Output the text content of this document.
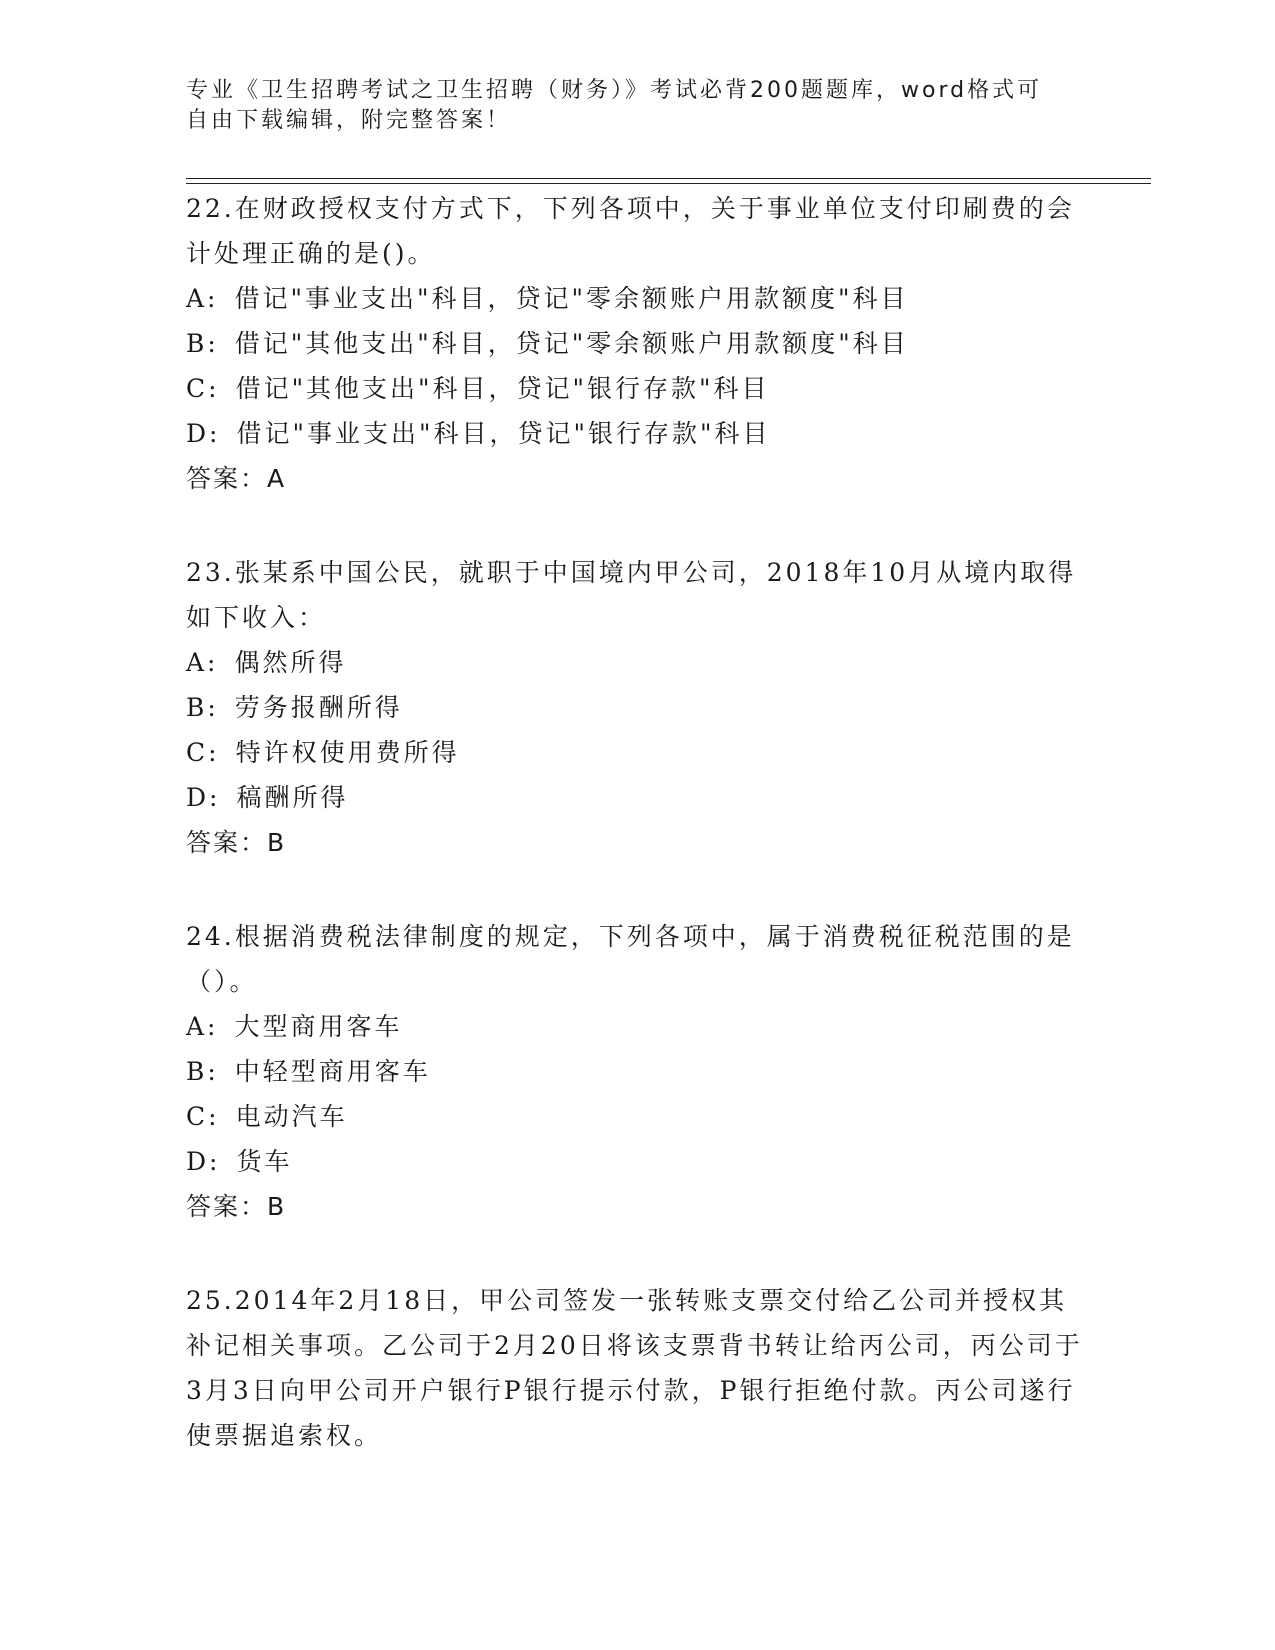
专业《卫生招聘考试之卫生招聘（财务）》考试必背200题题库，word格式可自由下载编辑，附完整答案！
22.在财政授权支付方式下，下列各项中，关于事业单位支付印刷费的会计处理正确的是()。
A: 借记"事业支出"科目，贷记"零余额账户用款额度"科目
B: 借记"其他支出"科目，贷记"零余额账户用款额度"科目
C: 借记"其他支出"科目，贷记"银行存款"科目
D: 借记"事业支出"科目，贷记"银行存款"科目
答案：A
23.张某系中国公民，就职于中国境内甲公司，2018年10月从境内取得如下收入：
A: 偶然所得
B: 劳务报酬所得
C: 特许权使用费所得
D: 稿酬所得
答案：B
24.根据消费税法律制度的规定，下列各项中，属于消费税征税范围的是（）。
A: 大型商用客车
B: 中轻型商用客车
C: 电动汽车
D: 货车
答案：B
25.2014年2月18日，甲公司签发一张转账支票交付给乙公司并授权其补记相关事项。乙公司于2月20日将该支票背书转让给丙公司，丙公司于3月3日向甲公司开户银行P银行提示付款，P银行拒绝付款。丙公司遂行使票据追索权。
